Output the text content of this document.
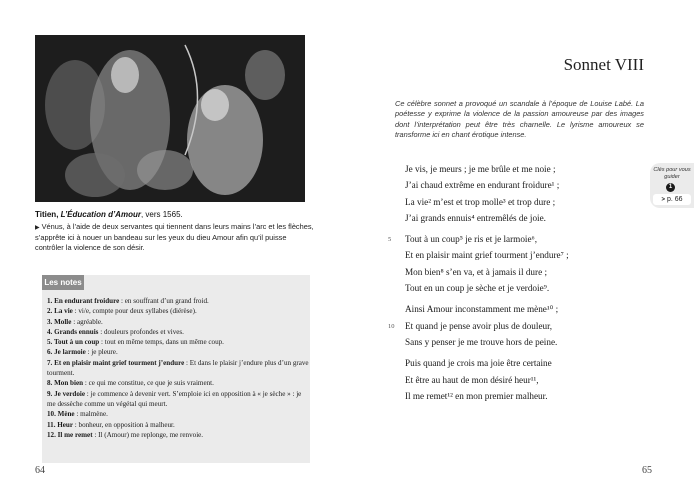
Titien, L’Éducation d’Amour, vers 1565.
▶ Vénus, à l’aide de deux servantes qui tiennent dans leurs mains l’arc et les flèches, s’apprête ici à nouer un bandeau sur les yeux du dieu Amour afin qu’il puisse contrôler la violence de son désir.
Les notes
1. En endurant froidure : en souffrant d’un grand froid.
2. La vie : vi/e, compte pour deux syllabes (diérèse).
3. Molle : agréable.
4. Grands ennuis : douleurs profondes et vives.
5. Tout à un coup : tout en même temps, dans un même coup.
6. Je larmoie : je pleure.
7. Et en plaisir maint grief tourment j’endure : Et dans le plaisir j’endure plus d’un grave tourment.
8. Mon bien : ce qui me constitue, ce que je suis vraiment.
9. Je verdoie : je commence à devenir vert. S’emploie ici en opposition à « je sèche » : je me dessèche comme un végétal qui meurt.
10. Mène : malmène.
11. Heur : bonheur, en opposition à malheur.
12. Il me remet : Il (Amour) me replonge, me renvoie.
64
Sonnet VIII
Ce célèbre sonnet a provoqué un scandale à l’époque de Louise Labé. La poétesse y exprime la violence de la passion amoureuse par des images dont l’interprétation peut être très charnelle. Le lyrisme amoureux se transforme ici en chant érotique intense.
Je vis, je meurs ; je me brûle et me noie ;
J’ai chaud extrême en endurant froidure¹ ;
La vie² m’est et trop molle³ et trop dure ;
J’ai grands ennuis⁴ entremêlés de joie.
5 Tout à un coup⁵ je ris et je larmoie⁶,
Et en plaisir maint grief tourment j’endure⁷ ;
Mon bien⁸ s’en va, et à jamais il dure ;
Tout en un coup je sèche et je verdoie⁹.
Ainsi Amour inconstamment me mène¹⁰ ;
10 Et quand je pense avoir plus de douleur,
Sans y penser je me trouve hors de peine.
Puis quand je crois ma joie être certaine
Et être au haut de mon désiré heur¹¹,
Il me remet¹² en mon premier malheur.
Clés pour vous guider
1
> p. 66
65
